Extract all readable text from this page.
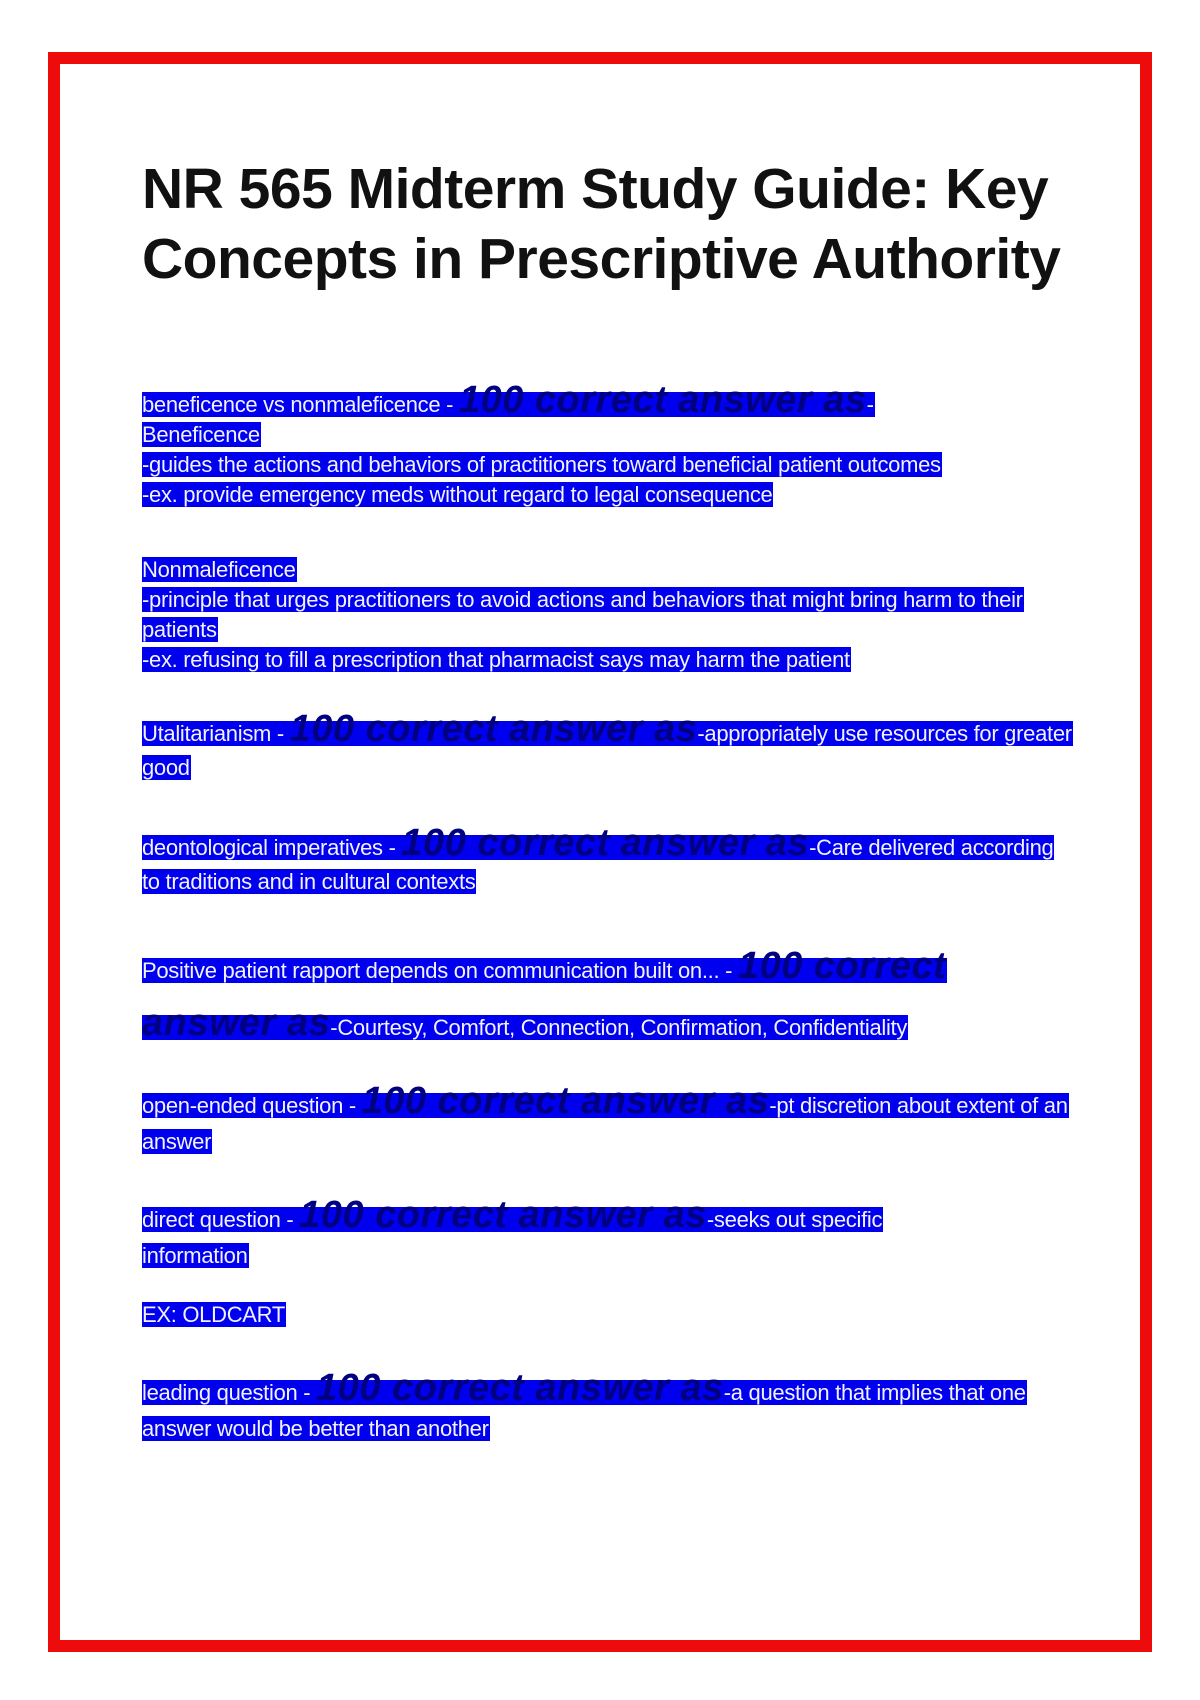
NR 565 Midterm Study Guide: Key Concepts in Prescriptive Authority
beneficence vs nonmaleficence - 100 correct answer as-

Beneficence

-guides the actions and behaviors of practitioners toward beneficial patient outcomes

-ex. provide emergency meds without regard to legal consequence

Nonmaleficence

-principle that urges practitioners to avoid actions and behaviors that might bring harm to their patients

-ex. refusing to fill a prescription that pharmacist says may harm the patient

Utalitarianism - 100 correct answer as-appropriately use resources for greater good
deontological imperatives - 100 correct answer as-Care delivered according to traditions and in cultural contexts
Positive patient rapport depends on communication built on... - 100 correct answer as-Courtesy, Comfort, Connection, Confirmation, Confidentiality
open-ended question - 100 correct answer as-pt discretion about extent of an answer
direct question - 100 correct answer as-seeks out specific information
EX: OLDCART
leading question - 100 correct answer as-a question that implies that one answer would be better than another
